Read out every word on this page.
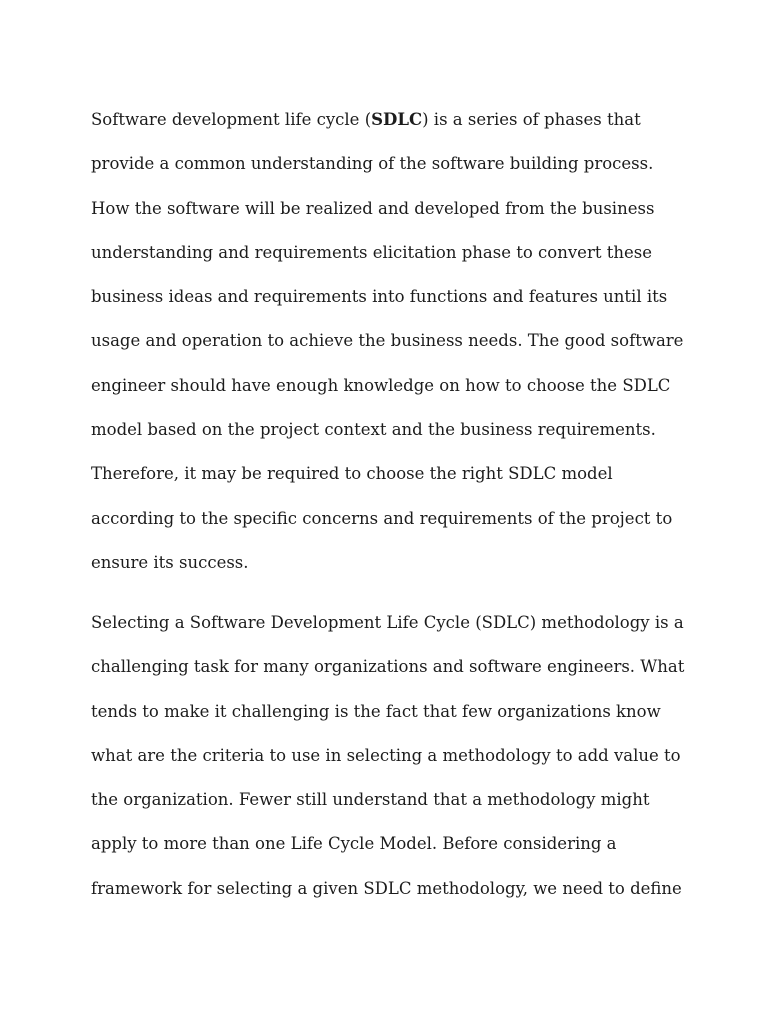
Software development life cycle (SDLC) is a series of phases that
provide a common understanding of the software building process.
How the software will be realized and developed from the business
understanding and requirements elicitation phase to convert these
business ideas and requirements into functions and features until its
usage and operation to achieve the business needs. The good software
engineer should have enough knowledge on how to choose the SDLC
model based on the project context and the business requirements.
Therefore, it may be required to choose the right SDLC model
according to the specific concerns and requirements of the project to
ensure its success.
Selecting a Software Development Life Cycle (SDLC) methodology is a
challenging task for many organizations and software engineers. What
tends to make it challenging is the fact that few organizations know
what are the criteria to use in selecting a methodology to add value to
the organization. Fewer still understand that a methodology might
apply to more than one Life Cycle Model. Before considering a
framework for selecting a given SDLC methodology, we need to define
